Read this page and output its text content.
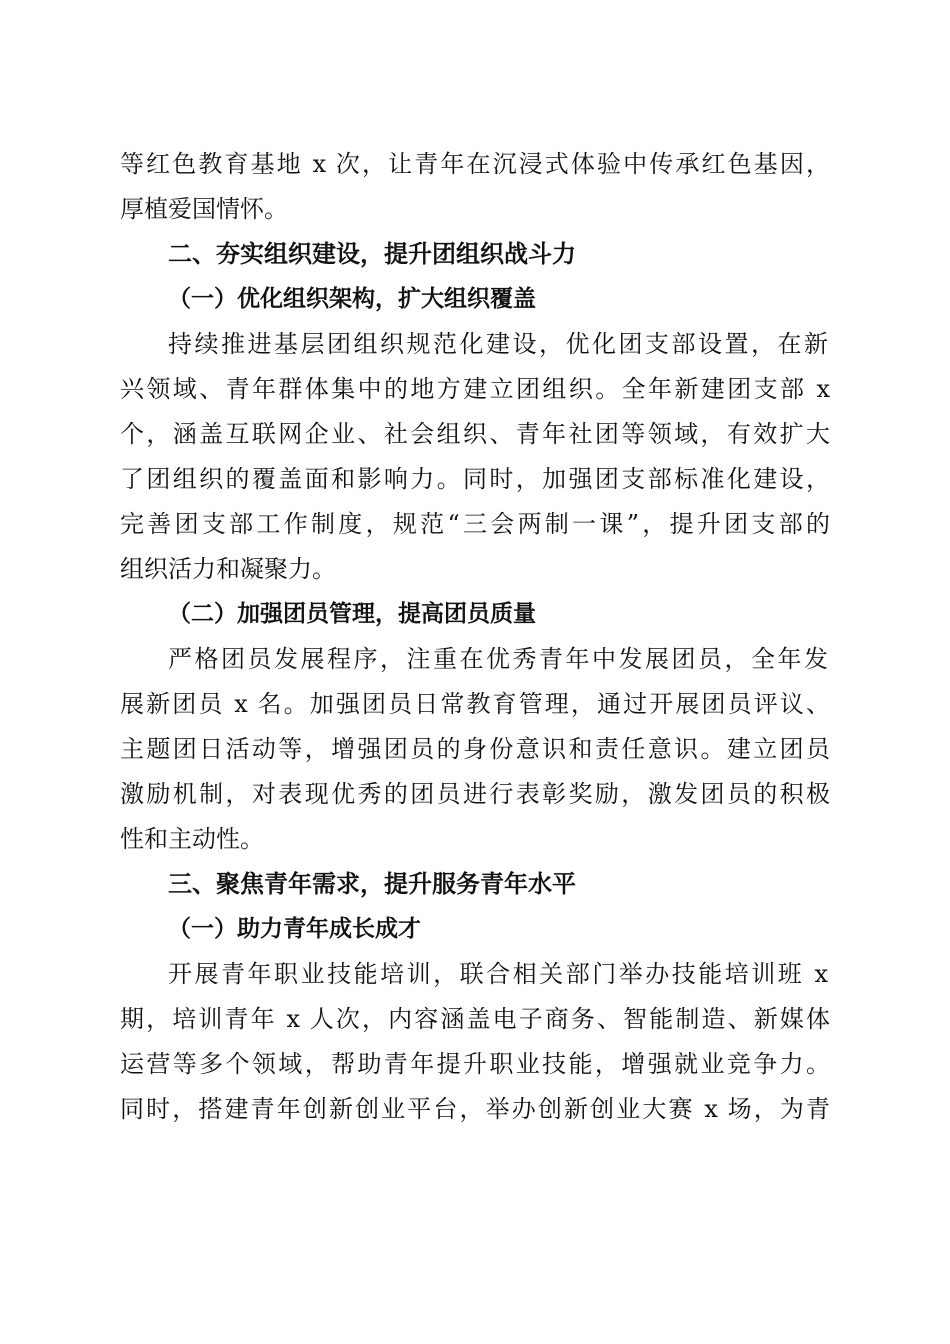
等红色教育基地 x 次，让青年在沉浸式体验中传承红色基因，
厚植爱国情怀。
二、夯实组织建设，提升团组织战斗力
（一）优化组织架构，扩大组织覆盖
持续推进基层团组织规范化建设，优化团支部设置，在新
兴领域、青年群体集中的地方建立团组织。全年新建团支部 x
个，涵盖互联网企业、社会组织、青年社团等领域，有效扩大
了团组织的覆盖面和影响力。同时，加强团支部标准化建设，
完善团支部工作制度，规范“三会两制一课”，提升团支部的
组织活力和凝聚力。
（二）加强团员管理，提高团员质量
严格团员发展程序，注重在优秀青年中发展团员，全年发
展新团员 x 名。加强团员日常教育管理，通过开展团员评议、
主题团日活动等，增强团员的身份意识和责任意识。建立团员
激励机制，对表现优秀的团员进行表彰奖励，激发团员的积极
性和主动性。
三、聚焦青年需求，提升服务青年水平
（一）助力青年成长成才
开展青年职业技能培训，联合相关部门举办技能培训班 x
期，培训青年 x 人次，内容涵盖电子商务、智能制造、新媒体
运营等多个领域，帮助青年提升职业技能，增强就业竞争力。
同时，搭建青年创新创业平台，举办创新创业大赛 x 场，为青
